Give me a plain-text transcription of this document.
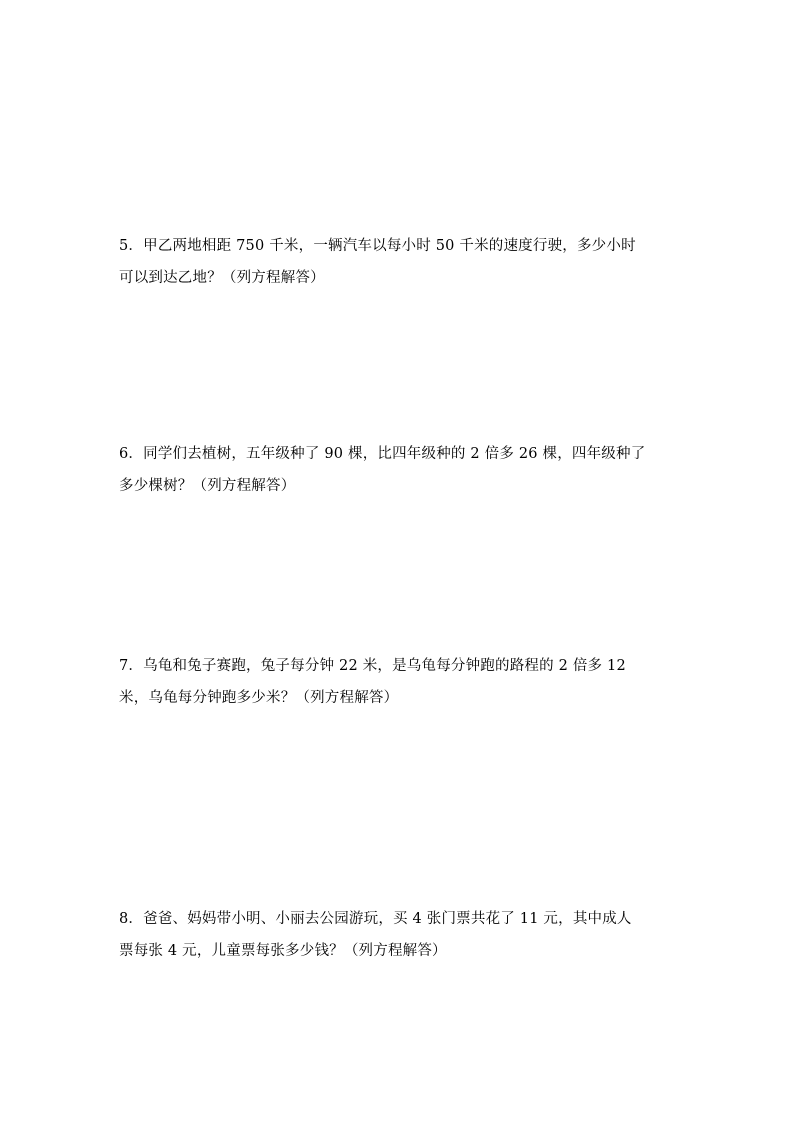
5．甲乙两地相距 750 千米，一辆汽车以每小时 50 千米的速度行驶，多少小时
可以到达乙地？（列方程解答）
6．同学们去植树，五年级种了 90 棵，比四年级种的 2 倍多 26 棵，四年级种了
多少棵树？（列方程解答）
7．乌龟和兔子赛跑，兔子每分钟 22 米，是乌龟每分钟跑的路程的 2 倍多 12
米，乌龟每分钟跑多少米？（列方程解答）
8．爸爸、妈妈带小明、小丽去公园游玩，买 4 张门票共花了 11 元，其中成人
票每张 4 元，儿童票每张多少钱？（列方程解答）
